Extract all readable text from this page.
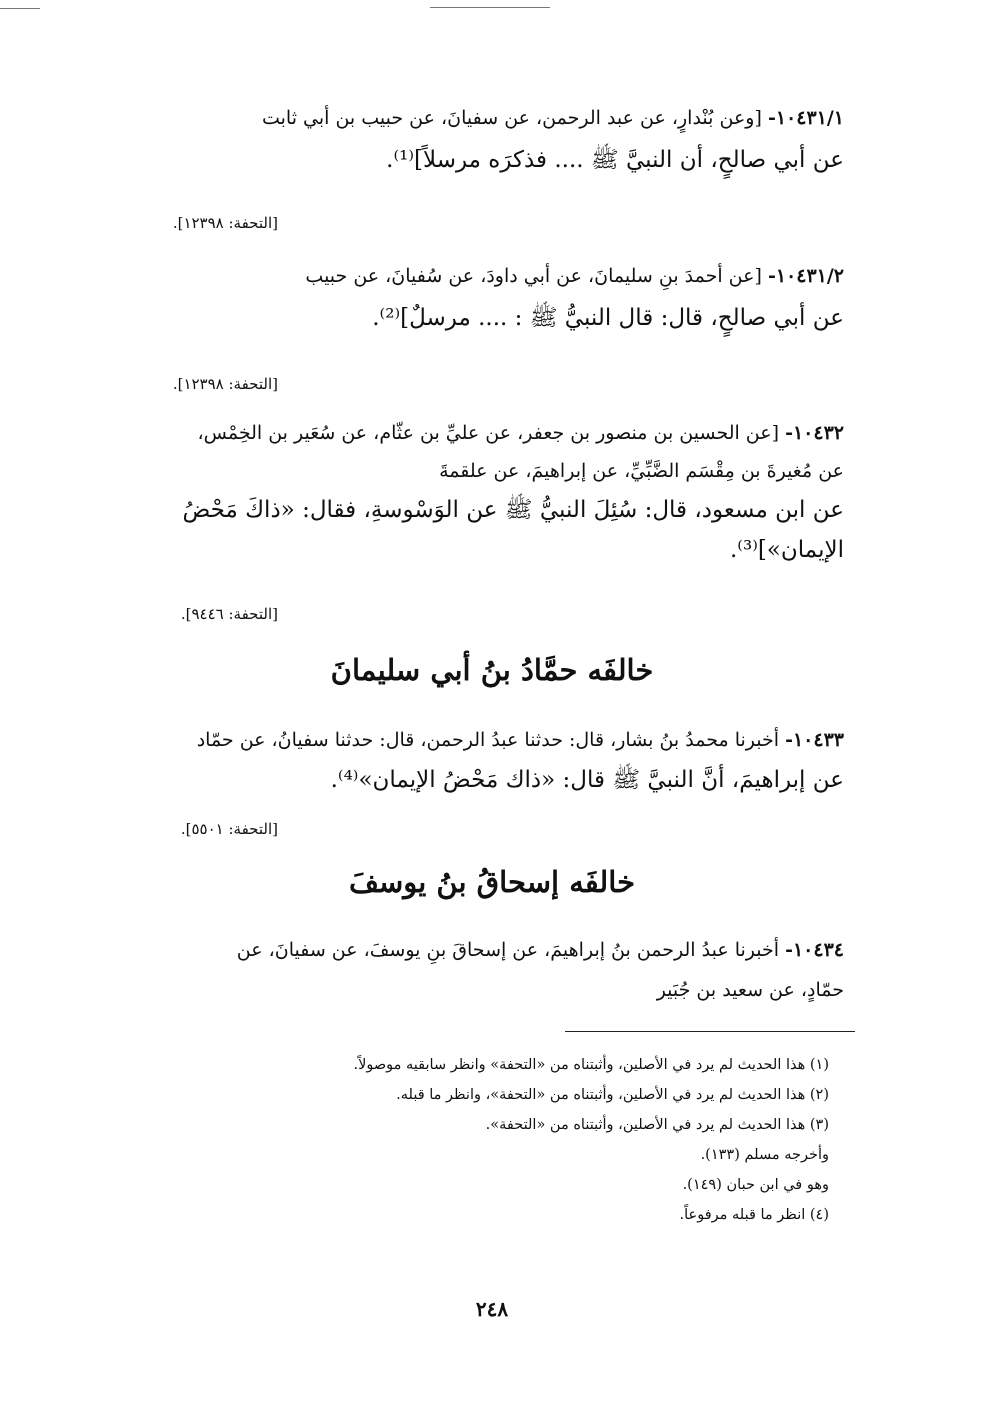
١٠٤٣١/١- [وعن بُنْدارٍ، عن عبد الرحمن، عن سفيانَ، عن حبيب بن أبي ثابت
عن أبي صالحٍ، أن النبيَّ ﷺ .... فذكرَه مرسلاً]⁽¹⁾.
[التحفة: ١٢٣٩٨].
١٠٤٣١/٢- [عن أحمدَ بنِ سليمانَ، عن أبي داودَ، عن سُفيانَ، عن حبيب
عن أبي صالحٍ، قال: قال النبيُّ ﷺ : .... مرسلٌ]⁽²⁾.
[التحفة: ١٢٣٩٨].
١٠٤٣٢- [عن الحسين بن منصور بن جعفر، عن عليِّ بن عثّام، عن سُعَير بن الخِمْس،
عن مُغيرةَ بن مِقْسَم الضَّبِّيِّ، عن إبراهيمَ، عن علقمةَ
عن ابن مسعود، قال: سُئِلَ النبيُّ ﷺ عن الوَسْوسةِ، فقال: «ذاكَ مَحْضُ
الإيمان»]⁽³⁾.
[التحفة: ٩٤٤٦].
خالفَه حمَّادُ بنُ أبي سليمانَ
١٠٤٣٣- أخبرنا محمدُ بنُ بشار، قال: حدثنا عبدُ الرحمن، قال: حدثنا سفيانُ، عن حمّاد
عن إبراهيمَ، أنَّ النبيَّ ﷺ قال: «ذاك مَحْضُ الإيمان»⁽⁴⁾.
[التحفة: ٥٥٠١].
خالفَه إسحاقُ بنُ يوسفَ
١٠٤٣٤- أخبرنا عبدُ الرحمن بنُ إبراهيمَ، عن إسحاقَ بنِ يوسفَ، عن سفيانَ، عن
حمّادٍ، عن سعيد بن جُبَير
(١) هذا الحديث لم يرد في الأصلين، وأثبتناه من «التحفة» وانظر سابقيه موصولاً.
(٢) هذا الحديث لم يرد في الأصلين، وأثبتناه من «التحفة»، وانظر ما قبله.
(٣) هذا الحديث لم يرد في الأصلين، وأثبتناه من «التحفة».
وأخرجه مسلم (١٣٣).
وهو في ابن حبان (١٤٩).
(٤) انظر ما قبله مرفوعاً.
٢٤٨
